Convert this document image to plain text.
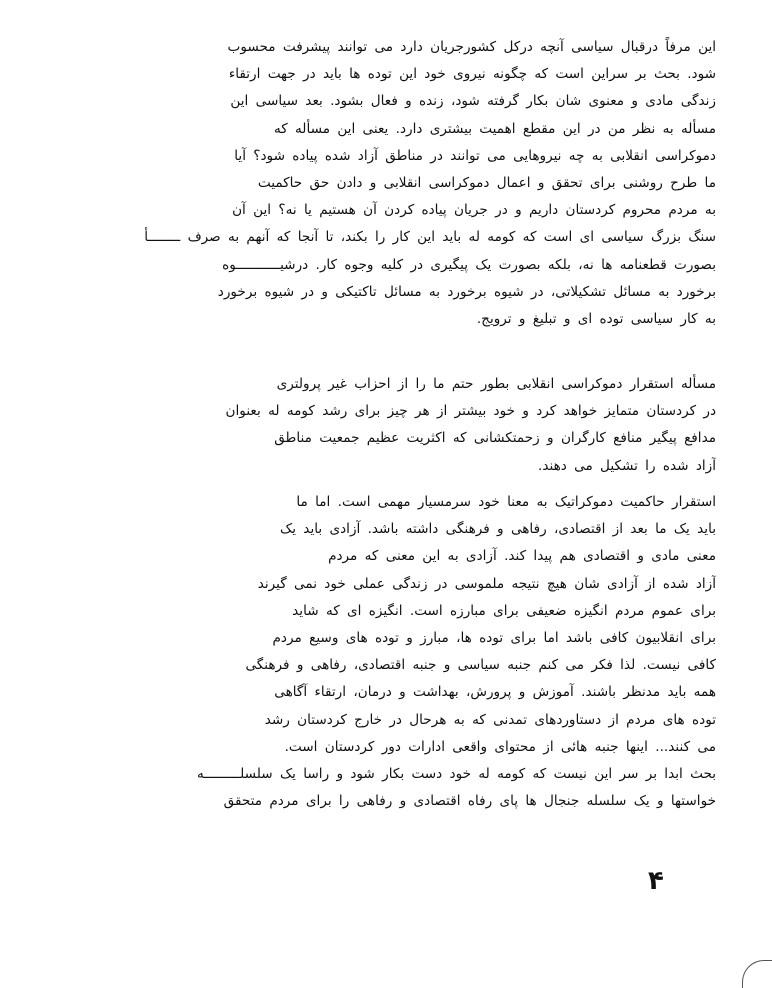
این مرفاً درقبال سیاسی آنچه درکل کشورجریان دارد می توانند پیشرفت محسوب
شود. بحث بر سراین است که چگونه نیروی خود این توده ها باید در جهت ارتقاء
زندگی مادی و معنوی شان بکار گرفته شود، زنده و فعال بشود. بعد سیاسی این
مسأله به نظر من در این مقطع اهمیت بیشتری دارد. یعنی این مسأله که
دموکراسی انقلابی به چه نیروهایی می توانند در مناطق آزاد شده پیاده شود؟ آیا
ما طرح روشنی برای تحقق و اعمال دموکراسی انقلابی و دادن حق حاکمیت
به مردم محروم کردستان داریم و در جریان پیاده کردن آن هستیم یا نه؟ این آن
سنگ بزرگ سیاسی ای است که کومه له باید این کار را بکند، تا آنجا که آنهم به صرف ــــــــأ
بصورت قطعنامه ها نه، بلکه بصورت یک پیگیری در کلیه وجوه کار. درشیـــــــــــوه
برخورد به مسائل تشکیلاتی، در شیوه برخورد به مسائل تاکتیکی و در شیوه برخورد
به کار سیاسی توده ای و تبلیغ و ترویج.
مسأله استقرار دموکراسی انقلابی بطور حتم ما را از احزاب غیر پرولتری
در کردستان متمایز خواهد کرد و خود بیشتر از هر چیز برای رشد کومه له بعنوان
مدافع پیگیر منافع کارگران و زحمتکشانی که اکثریت عظیم جمعیت مناطق
آزاد شده را تشکیل می دهند.
استقرار حاکمیت دموکراتیک به معنا خود سرمسیار مهمی است. اما ما
باید یک ما بعد از اقتصادی، رفاهی و فرهنگی داشته باشد. آزادی باید یک
معنی مادی و اقتصادی هم پیدا کند. آزادی به این معنی که مردم
آزاد شده از آزادی شان هیچ نتیجه ملموسی در زندگی عملی خود نمی گیرند
برای عموم مردم انگیزه ضعیفی برای مبارزه است. انگیزه ای که شاید
برای انقلابیون کافی باشد اما برای توده ها، مبارز و توده های وسیع مردم
کافی نیست. لذا فکر می کنم جنبه سیاسی و جنبه اقتصادی، رفاهی و فرهنگی
همه باید مدنظر باشند. آموزش و پرورش، بهداشت و درمان، ارتقاء آگاهی
توده های مردم از دستاوردهای تمدنی که به هرحال در خارج کردستان رشد
می کنند... اینها جنبه هائی از محتوای واقعی ادارات دور کردستان است.
بحث ابدا بر سر این نیست که کومه له خود دست بکار شود و راسا یک سلسلـــــــــه
خواستها و یک سلسله جنجال ها پای رفاه اقتصادی و رفاهی را برای مردم متحقق
۴
